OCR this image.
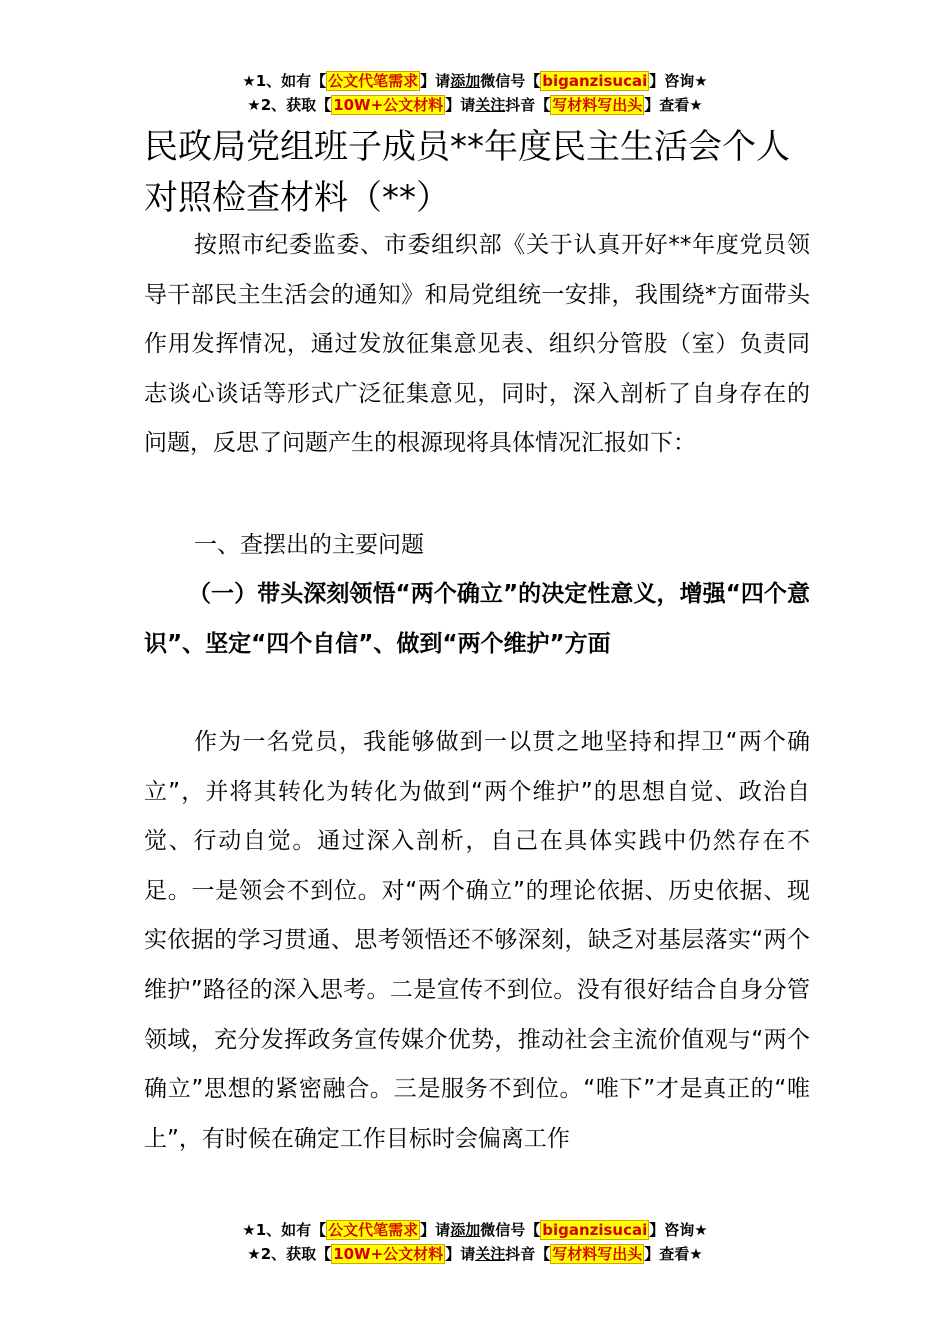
★1、如有【 公文代笔需求 】请添加微信号【 biganzisucai 】咨询★
★2、获取【 10W+公文材料 】请关注抖音【 写材料写出头 】查看★
民政局党组班子成员**年度民主生活会个人对照检查材料（**）

按照市纪委监委、市委组织部《关于认真开好**年度党员领导干部民主生活会的通知》和局党组统一安排，我围绕*方面带头作用发挥情况，通过发放征集意见表、组织分管股（室）负责同志谈心谈话等形式广泛征集意见，同时，深入剖析了自身存在的问题，反思了问题产生的根源现将具体情况汇报如下：

一、查摆出的主要问题
（一）带头深刻领悟“两个确立”的决定性意义，增强“四个意识”、坚定“四个自信”、做到“两个维护”方面

作为一名党员，我能够做到一以贯之地坚持和捍卫“两个确立”，并将其转化为转化为做到“两个维护”的思想自觉、政治自觉、行动自觉。通过深入剖析，自己在具体实践中仍然存在不足。一是领会不到位。对“两个确立”的理论依据、历史依据、现实依据的学习贯通、思考领悟还不够深刻，缺乏对基层落实“两个维护”路径的深入思考。二是宣传不到位。没有很好结合自身分管领域，充分发挥政务宣传媒介优势，推动社会主流价值观与“两个确立”思想的紧密融合。三是服务不到位。“唯下”才是真正的“唯上”，有时候在确定工作目标时会偏离工作

★1、如有【 公文代笔需求 】请添加微信号【 biganzisucai 】咨询★
★2、获取【 10W+公文材料 】请关注抖音【 写材料写出头 】查看★
